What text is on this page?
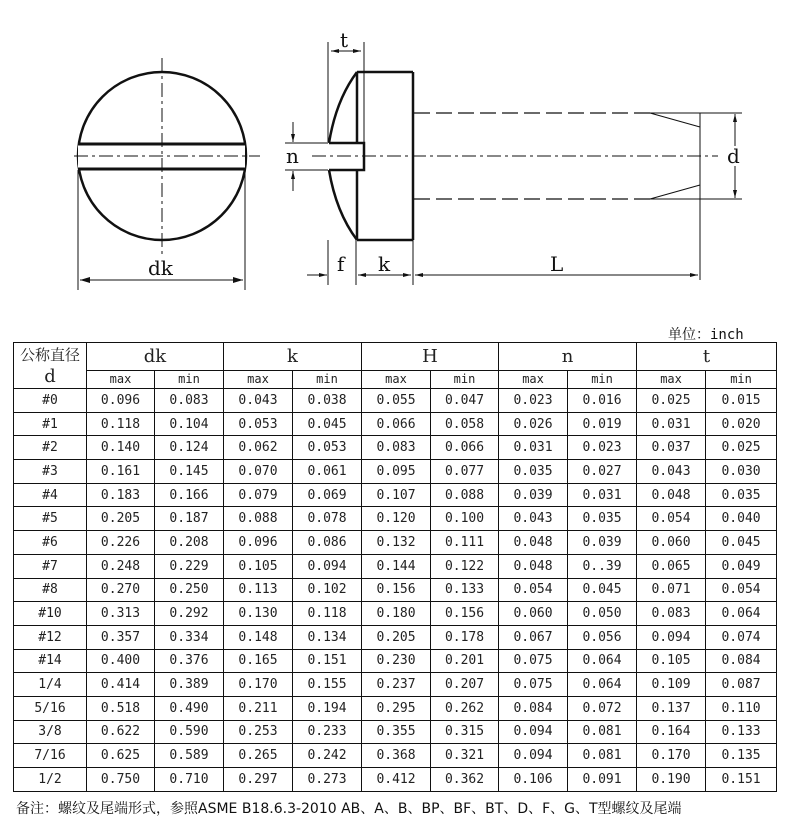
dk
t
n
f k	L
d
单位：inch
公称直径
d	dk		k		H		n		t	
	max	min	max	min	max	min	max	min	max	min
#0	0.096	0.083	0.043	0.038	0.055	0.047	0.023	0.016	0.025	0.015
#1	0.118	0.104	0.053	0.045	0.066	0.058	0.026	0.019	0.031	0.020
#2	0.140	0.124	0.062	0.053	0.083	0.066	0.031	0.023	0.037	0.025
#3	0.161	0.145	0.070	0.061	0.095	0.077	0.035	0.027	0.043	0.030
#4	0.183	0.166	0.079	0.069	0.107	0.088	0.039	0.031	0.048	0.035
#5	0.205	0.187	0.088	0.078	0.120	0.100	0.043	0.035	0.054	0.040
#6	0.226	0.208	0.096	0.086	0.132	0.111	0.048	0.039	0.060	0.045
#7	0.248	0.229	0.105	0.094	0.144	0.122	0.048	0..39	0.065	0.049
#8	0.270	0.250	0.113	0.102	0.156	0.133	0.054	0.045	0.071	0.054
#10	0.313	0.292	0.130	0.118	0.180	0.156	0.060	0.050	0.083	0.064
#12	0.357	0.334	0.148	0.134	0.205	0.178	0.067	0.056	0.094	0.074
#14	0.400	0.376	0.165	0.151	0.230	0.201	0.075	0.064	0.105	0.084
1/4	0.414	0.389	0.170	0.155	0.237	0.207	0.075	0.064	0.109	0.087
5/16	0.518	0.490	0.211	0.194	0.295	0.262	0.084	0.072	0.137	0.110
3/8	0.622	0.590	0.253	0.233	0.355	0.315	0.094	0.081	0.164	0.133
7/16	0.625	0.589	0.265	0.242	0.368	0.321	0.094	0.081	0.170	0.135
1/2	0.750	0.710	0.297	0.273	0.412	0.362	0.106	0.091	0.190	0.151
备注：螺纹及尾端形式，参照ASME B18.6.3-2010 AB、A、B、BP、BF、BT、D、F、G、T型螺纹及尾端
